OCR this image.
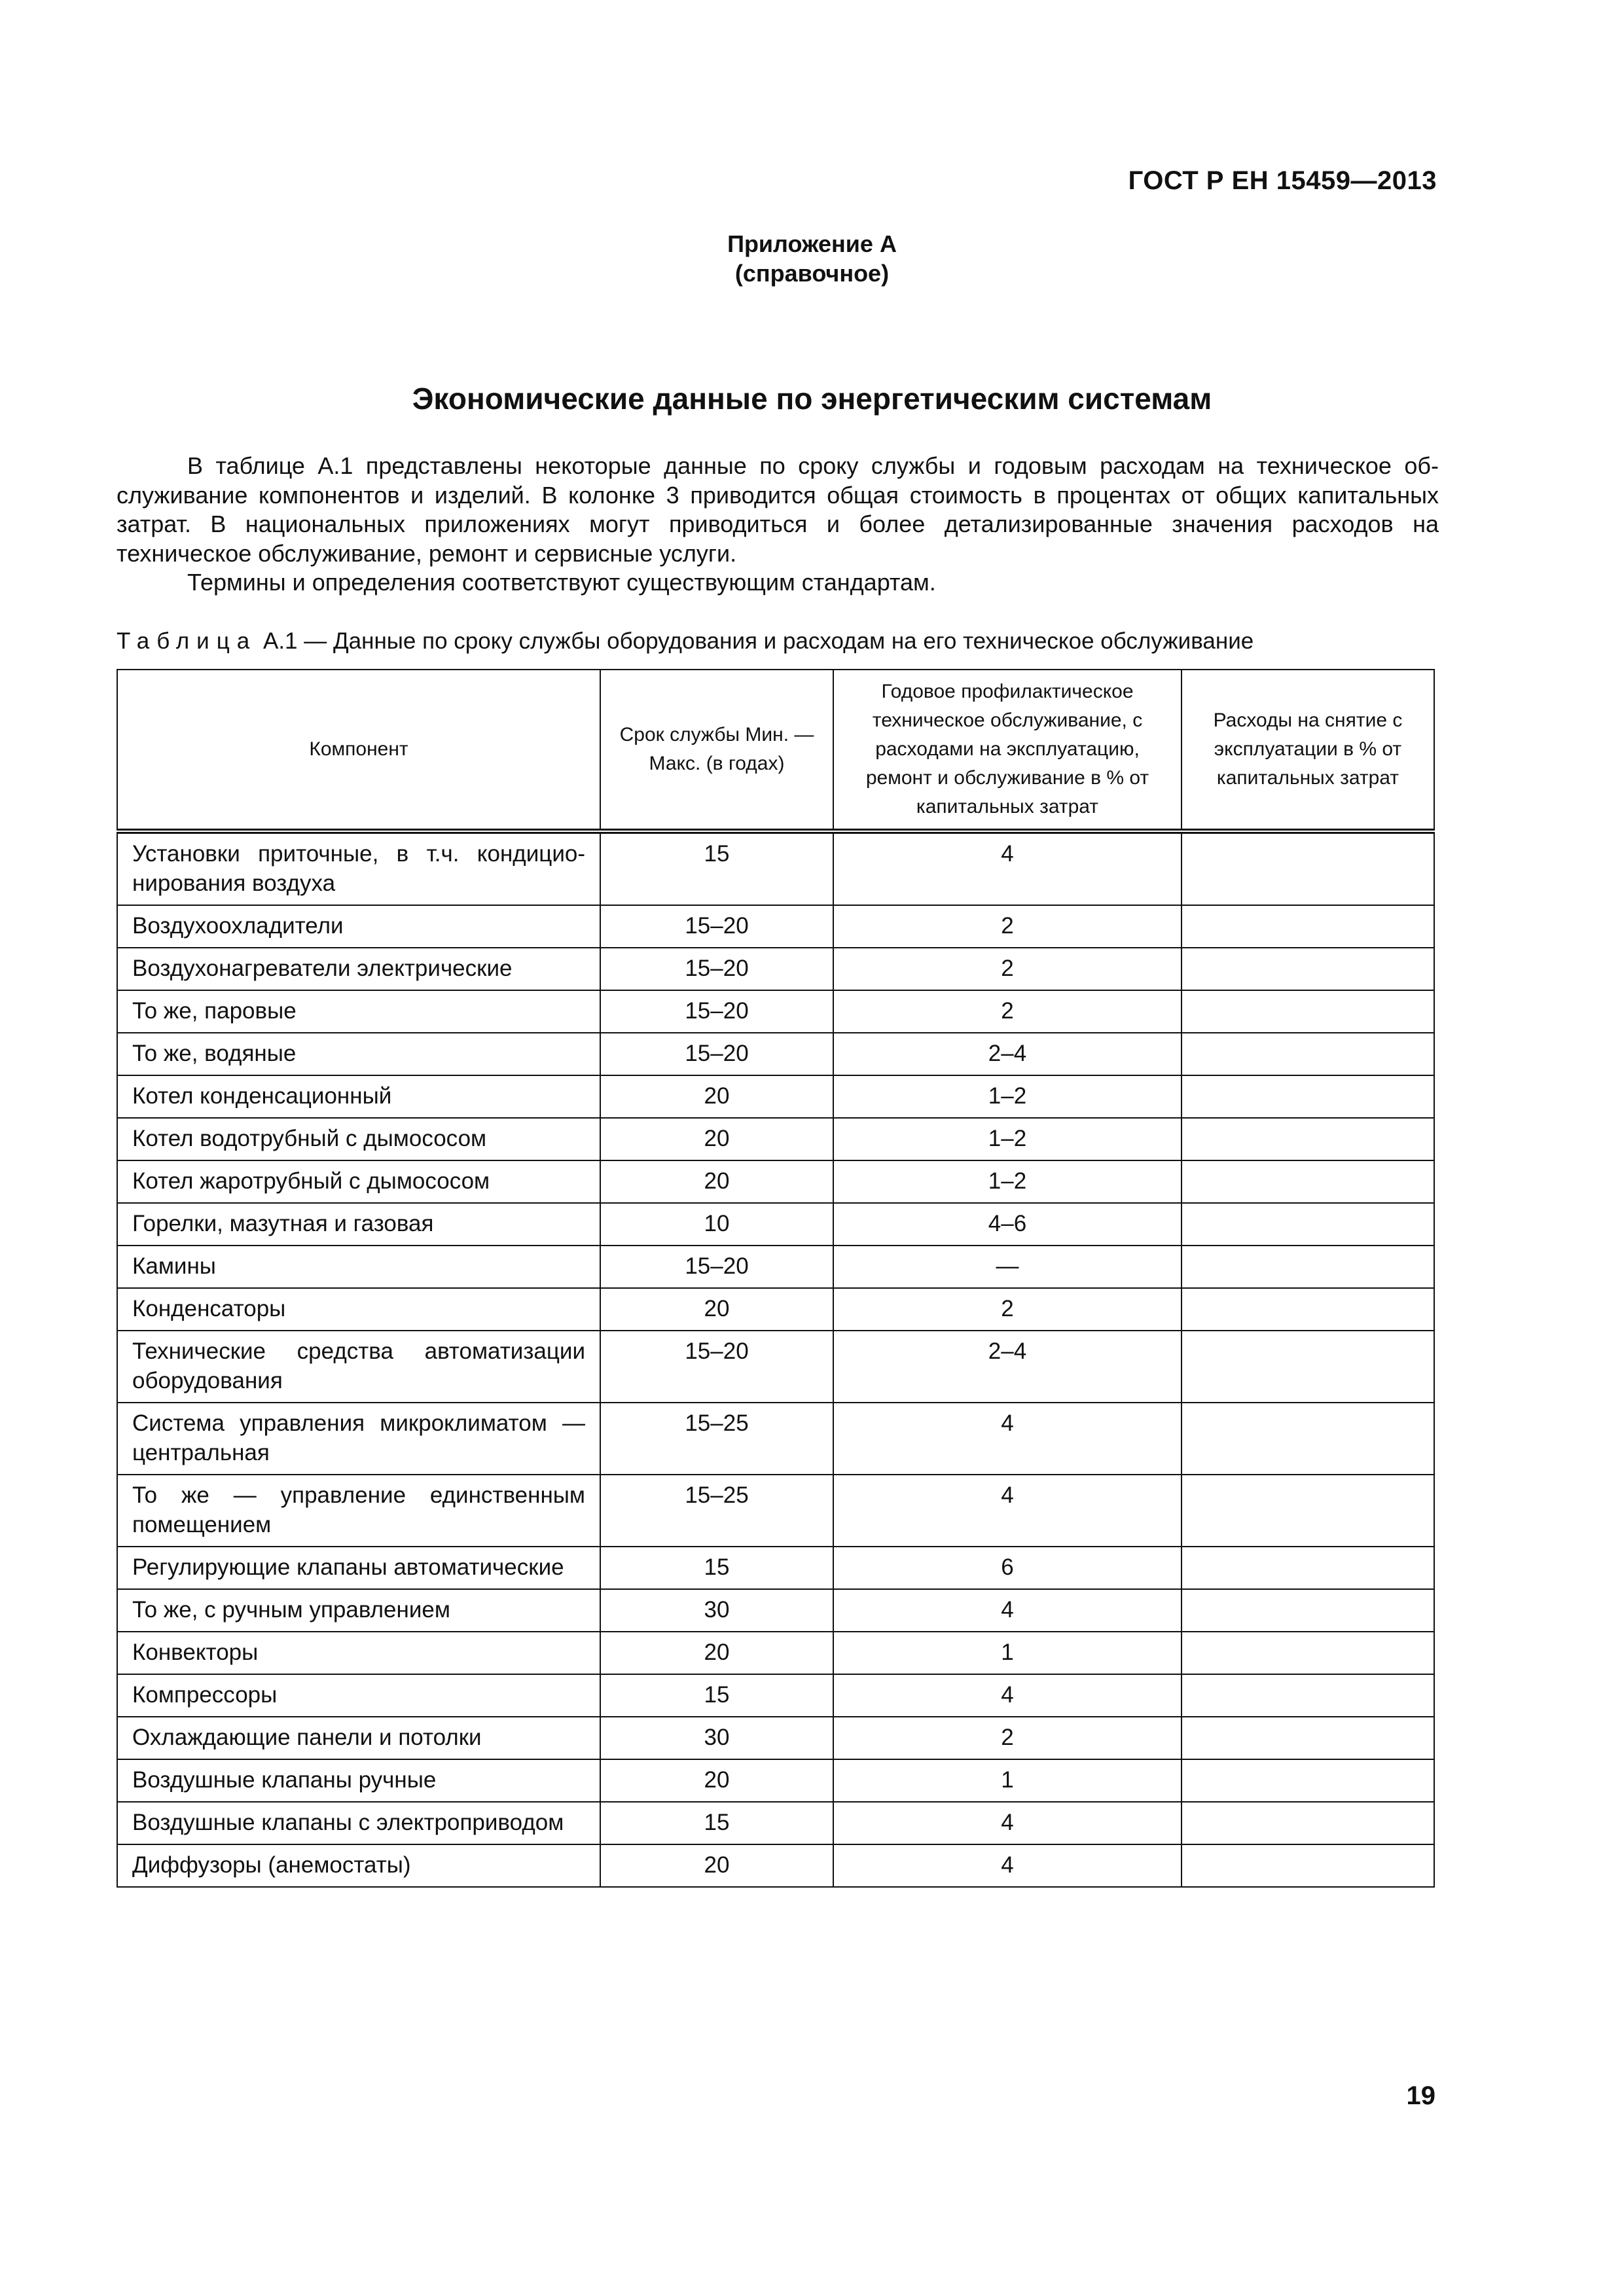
ГОСТ Р ЕН 15459—2013
Приложение А
(справочное)
Экономические данные по энергетическим системам

В таблице А.1 представлены некоторые данные по сроку службы и годовым расходам на техническое обслуживание компонентов и изделий. В колонке 3 приводится общая стоимость в процентах от общих капитальных затрат. В национальных приложениях могут приводиться и более детализированные значения расходов на техническое обслуживание, ремонт и сервисные услуги.

Термины и определения соответствуют существующим стандартам.

Таблица А.1 — Данные по сроку службы оборудования и расходам на его техническое обслуживание
Компонент	Срок службы Мин. — Макс. (в годах)	Годовое профилактическое техническое обслуживание, с расходами на эксплуатацию, ремонт и обслуживание в % от капитальных затрат	Расходы на снятие с эксплуатации в % от капитальных затрат
Установки приточные, в т.ч. кондиционирования воздуха	15	4	
Воздухоохладители	15–20	2	
Воздухонагреватели электрические	15–20	2	
То же, паровые	15–20	2	
То же, водяные	15–20	2–4	
Котел конденсационный	20	1–2	
Котел водотрубный с дымососом	20	1–2	
Котел жаротрубный с дымососом	20	1–2	
Горелки, мазутная и газовая	10	4–6	
Камины	15–20	—	
Конденсаторы	20	2	
Технические средства автоматизации оборудования	15–20	2–4	
Система управления микроклиматом — центральная	15–25	4	
То же — управление единственным помещением	15–25	4	
Регулирующие клапаны автоматические	15	6	
То же, с ручным управлением	30	4	
Конвекторы	20	1	
Компрессоры	15	4	
Охлаждающие панели и потолки	30	2	
Воздушные клапаны ручные	20	1	
Воздушные клапаны с электроприводом	15	4	
Диффузоры (анемостаты)	20	4	
19
